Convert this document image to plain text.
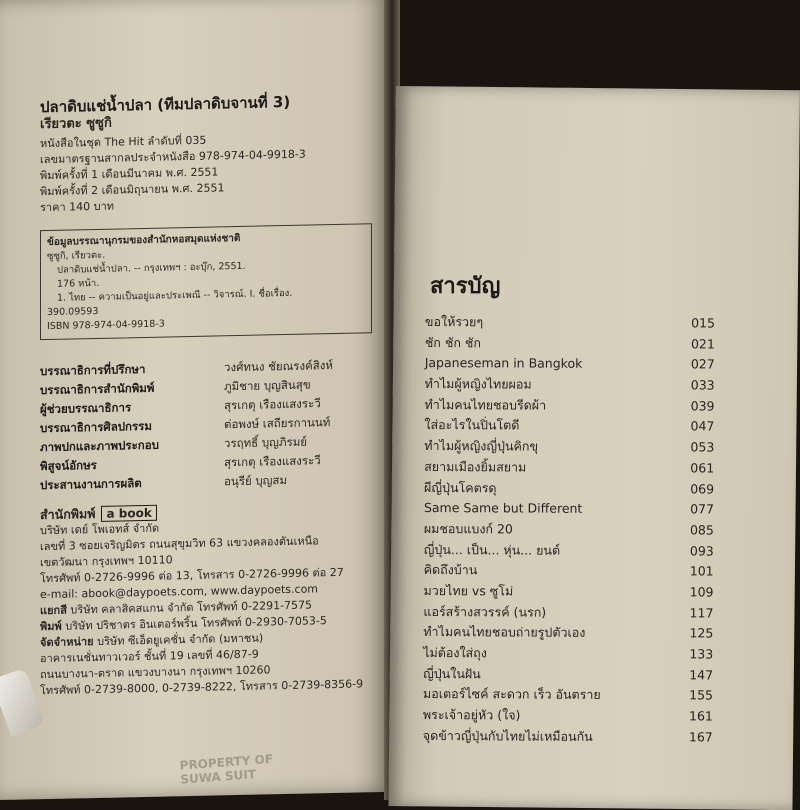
ปลาดิบแช่น้ำปลา (ทีมปลาดิบจานที่ 3)
เรียวตะ ซูซูกิ
หนังสือในชุด The Hit ลำดับที่ 035
เลขมาตรฐานสากลประจำหนังสือ 978-974-04-9918-3
พิมพ์ครั้งที่ 1 เดือนมีนาคม พ.ศ. 2551
พิมพ์ครั้งที่ 2 เดือนมิถุนายน พ.ศ. 2551
ราคา 140 บาท
ข้อมูลบรรณานุกรมของสำนักหอสมุดแห่งชาติ
ซูซูกิ, เรียวตะ.
ปลาดิบแช่น้ำปลา. -- กรุงเทพฯ : อะบุ๊ก, 2551.
176 หน้า.
1. ไทย -- ความเป็นอยู่และประเพณี -- วิจารณ์. I. ชื่อเรื่อง.
390.09593
ISBN 978-974-04-9918-3
บรรณาธิการที่ปรึกษา	วงศ์ทนง ชัยณรงค์สิงห์
บรรณาธิการสำนักพิมพ์	ภูมิชาย บุญสินสุข
ผู้ช่วยบรรณาธิการ	สุรเกตุ เรืองแสงระวี
บรรณาธิการศิลปกรรม	ต่อพงษ์ เสถียรกานนท์
ภาพปกและภาพประกอบ	วรฤทธิ์ บุญภิรมย์
พิสูจน์อักษร	สุรเกตุ เรืองแสงระวี
ประสานงานการผลิต	อนุรีย์ บุญสม
สำนักพิมพ์ a book
บริษัท เดย์ โพเอทส์ จำกัด
เลขที่ 3 ซอยเจริญมิตร ถนนสุขุมวิท 63 แขวงคลองตันเหนือ
เขตวัฒนา กรุงเทพฯ 10110
โทรศัพท์ 0-2726-9996 ต่อ 13, โทรสาร 0-2726-9996 ต่อ 27
e-mail: abook@daypoets.com, www.daypoets.com
แยกสี บริษัท คลาสิคสแกน จำกัด โทรศัพท์ 0-2291-7575
พิมพ์ บริษัท ปริชาตร อินเตอร์พริ้น โทรศัพท์ 0-2930-7053-5
จัดจำหน่าย บริษัท ซีเอ็ดยูเคชั่น จำกัด (มหาชน)
อาคารเนชั่นทาวเวอร์ ชั้นที่ 19 เลขที่ 46/87-9
ถนนบางนา-ตราด แขวงบางนา กรุงเทพฯ 10260
โทรศัพท์ 0-2739-8000, 0-2739-8222, โทรสาร 0-2739-8356-9
PROPERTY OF
SUWA SUIT
สารบัญ
ขอให้รวยๆ	015
ชัก ชัก ชัก	021
Japaneseman in Bangkok	027
ทำไมผู้หญิงไทยผอม	033
ทำไมคนไทยชอบรีดผ้า	039
ใส่อะไรในปิ่นโตดี	047
ทำไมผู้หญิงญี่ปุ่นคิกขุ	053
สยามเมืองยิ้มสยาม	061
ผีญี่ปุ่นโคตรดุ	069
Same Same but Different	077
ผมชอบแบงก์ 20	085
ญี่ปุ่น... เป็น... หุ่น... ยนต์	093
คิดถึงบ้าน	101
มวยไทย vs ซูโม่	109
แอร์สร้างสวรรค์ (นรก)	117
ทำไมคนไทยชอบถ่ายรูปตัวเอง	125
ไม่ต้องใส่ถุง	133
ญี่ปุ่นในฝัน	147
มอเตอร์ไซค์ สะดวก เร็ว อันตราย	155
พระเจ้าอยู่หัว (ใจ)	161
จุดข้าวญี่ปุ่นกับไทยไม่เหมือนกัน	167
